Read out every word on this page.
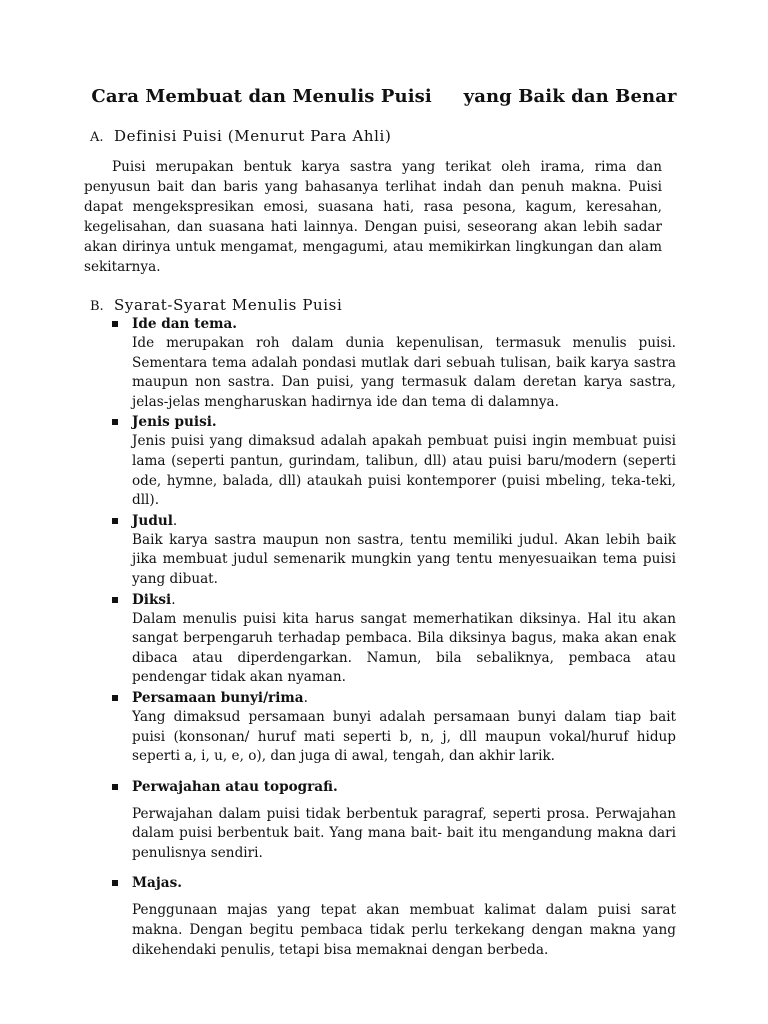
Cara Membuat dan Menulis Puisi     yang Baik dan Benar
A. Definisi Puisi (Menurut Para Ahli)

Puisi merupakan bentuk karya sastra yang terikat oleh irama, rima dan penyusun bait dan baris yang bahasanya terlihat indah dan penuh makna. Puisi dapat mengekspresikan emosi, suasana hati, rasa pesona, kagum, keresahan, kegelisahan, dan suasana hati lainnya. Dengan puisi, seseorang akan lebih sadar akan dirinya untuk mengamat, mengagumi, atau memikirkan lingkungan dan alam sekitarnya.

B. Syarat-Syarat Menulis Puisi
Ide dan tema.
Ide merupakan roh dalam dunia kepenulisan, termasuk menulis puisi. Sementara tema adalah pondasi mutlak dari sebuah tulisan, baik karya sastra maupun non sastra. Dan puisi, yang termasuk dalam deretan karya sastra, jelas-jelas mengharuskan hadirnya ide dan tema di dalamnya.
Jenis puisi.
Jenis puisi yang dimaksud adalah apakah pembuat puisi ingin membuat puisi lama (seperti pantun, gurindam, talibun, dll) atau puisi baru/modern (seperti ode, hymne, balada, dll) ataukah puisi kontemporer (puisi mbeling, teka-teki, dll).
Judul.
Baik karya sastra maupun non sastra, tentu memiliki judul. Akan lebih baik jika membuat judul semenarik mungkin yang tentu menyesuaikan tema puisi yang dibuat.
Diksi.
Dalam menulis puisi kita harus sangat memerhatikan diksinya. Hal itu akan sangat berpengaruh terhadap pembaca. Bila diksinya bagus, maka akan enak dibaca atau diperdengarkan. Namun, bila sebaliknya, pembaca atau pendengar tidak akan nyaman.
Persamaan bunyi/rima.
Yang dimaksud persamaan bunyi adalah persamaan bunyi dalam tiap bait puisi (konsonan/ huruf mati seperti b, n, j, dll maupun vokal/huruf hidup seperti a, i, u, e, o), dan juga di awal, tengah, dan akhir larik.
Perwajahan atau topografi.
Perwajahan dalam puisi tidak berbentuk paragraf, seperti prosa. Perwajahan dalam puisi berbentuk bait. Yang mana bait- bait itu mengandung makna dari penulisnya sendiri.
Majas.
Penggunaan majas yang tepat akan membuat kalimat dalam puisi sarat makna. Dengan begitu pembaca tidak perlu terkekang dengan makna yang dikehendaki penulis, tetapi bisa memaknai dengan berbeda.
